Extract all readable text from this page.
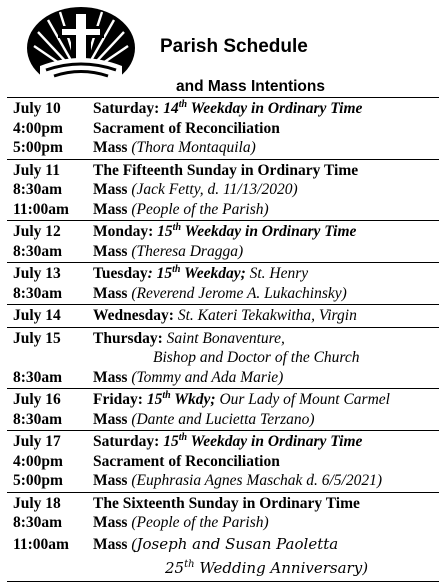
Parish Schedule
and Mass Intentions
July 10	Saturday: 14th Weekday in Ordinary Time
4:00pm	Sacrament of Reconciliation
5:00pm	Mass (Thora Montaquila)
July 11	The Fifteenth Sunday in Ordinary Time
8:30am	Mass (Jack Fetty, d. 11/13/2020)
11:00am	Mass (People of the Parish)
July 12	Monday: 15th Weekday in Ordinary Time
8:30am	Mass (Theresa Dragga)
July 13	Tuesday: 15th Weekday; St. Henry
8:30am	Mass (Reverend Jerome A. Lukachinsky)
July 14	Wednesday: St. Kateri Tekakwitha, Virgin
July 15	Thursday: Saint Bonaventure,
Bishop and Doctor of the Church
8:30am	Mass (Tommy and Ada Marie)
July 16	Friday: 15th Wkdy; Our Lady of Mount Carmel
8:30am	Mass (Dante and Lucietta Terzano)
July 17	Saturday: 15th Weekday in Ordinary Time
4:00pm	Sacrament of Reconciliation
5:00pm	Mass (Euphrasia Agnes Maschak d. 6/5/2021)
July 18	The Sixteenth Sunday in Ordinary Time
8:30am	Mass (People of the Parish)
11:00am	Mass (Joseph and Susan Paoletta
25th Wedding Anniversary)
